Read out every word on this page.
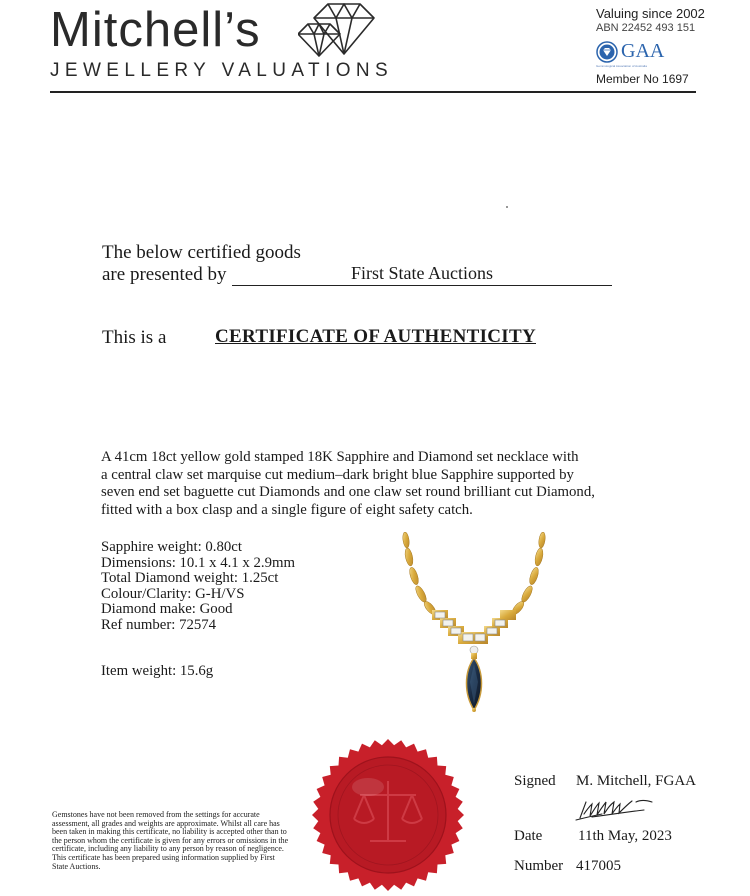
Mitchell’s
JEWELLERY VALUATIONS
Valuing since 2002
ABN 22452 493 151
GAA
Gemmological Association of Australia
Member No 1697
The below certified goods
are presented by	First State Auctions
This is a	CERTIFICATE OF AUTHENTICITY
A 41cm 18ct yellow gold stamped 18K Sapphire and Diamond set necklace with
a central claw set marquise cut medium–dark bright blue Sapphire supported by
seven end set baguette cut Diamonds and one claw set round brilliant cut Diamond,
fitted with a box clasp and a single figure of eight safety catch.
Sapphire weight: 0.80ct
Dimensions: 10.1 x 4.1 x 2.9mm
Total Diamond weight: 1.25ct
Colour/Clarity: G-H/VS
Diamond make: Good
Ref number: 72574
Item weight: 15.6g
Gemstones have not been removed from the settings for accurate assessment, all grades and weights are approximate. Whilst all care has been taken in making this certificate, no liability is accepted other than to the person whom the certificate is given for any errors or omissions in the certificate, including any liability to any person by reason of negligence. This certificate has been prepared using information supplied by First State Auctions.
Signed M. Mitchell, FGAA
Date 11th May, 2023
Number 417005
